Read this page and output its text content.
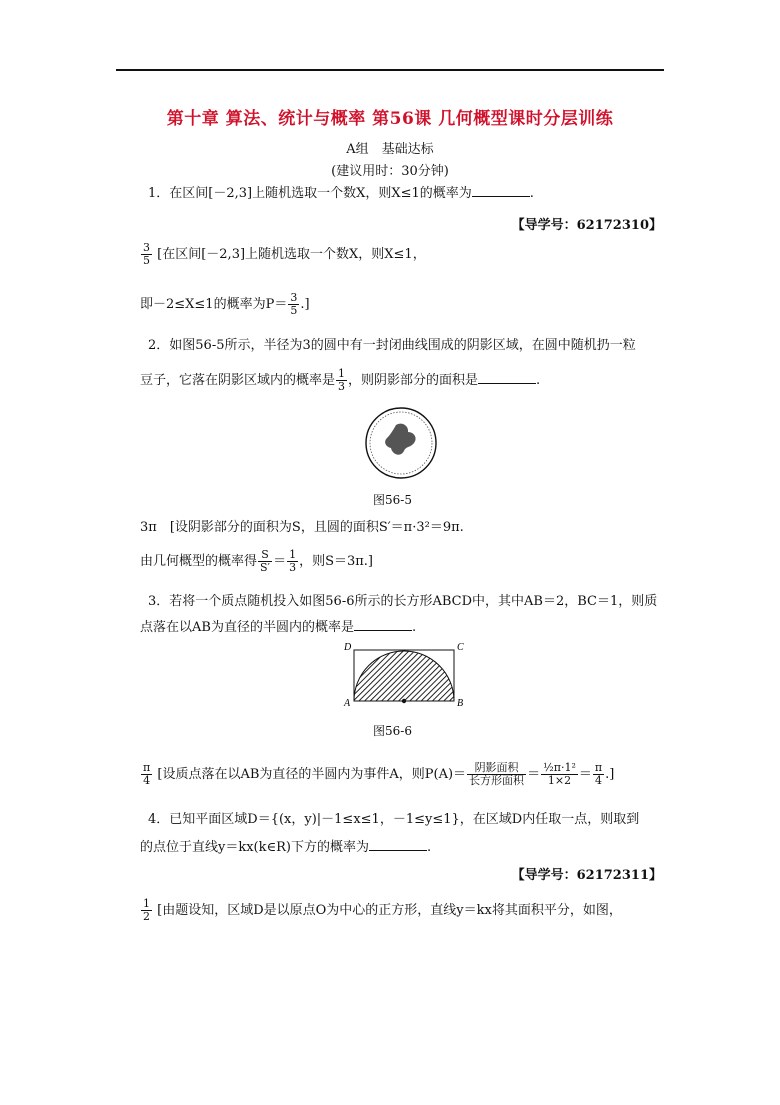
第十章 算法、统计与概率 第56课 几何概型课时分层训练
A组　基础达标
(建议用时：30分钟)
1．在区间[－2,3]上随机选取一个数X，则X≤1的概率为	.
【导学号：62172310】
$\frac{3}{5}$ [在区间[－2,3]上随机选取一个数X，则X≤1，
即－2≤X≤1的概率为$P= \frac{3}{5}$ .]
2．如图56-5所示，半径为3的圆中有一封闭曲线围成的阴影区域，在圆中随机扔一粒
豆子，它落在阴影区域内的概率是 $\frac{1}{3}$ ，则阴影部分的面积是	.
图56-5
3π　 [设阴影部分的面积为S，且圆的面积S′＝π·3²＝9π.
由几何概型的概率得 $\frac{S}{S'} = \frac{1}{3}$ ，则S＝3π.]
3．若将一个质点随机投入如图56-6所示的长方形ABCD中，其中AB＝2，BC＝1，则质
点落在以AB为直径的半圆内的概率是	.
A	B
C
D
图56-6
$\frac{\pi}{4}$ [设质点落在以AB为直径的半圆内为事件A，则$P(A)= \frac{\text{阴影面积}}{\text{长方形面积}} = \frac{\text{½π·1²}}{1\times 2} = \frac{\pi}{4}$ .]
4．已知平面区域D＝{(x，y)|－1≤x≤1，－1≤y≤1}，在区域D内任取一点，则取到
的点位于直线y＝kx(k∈R)下方的概率为	.
【导学号：62172311】
$\frac{1}{2}$ [由题设知，区域D是以原点O为中心的正方形，直线y＝kx将其面积平分，如图，
